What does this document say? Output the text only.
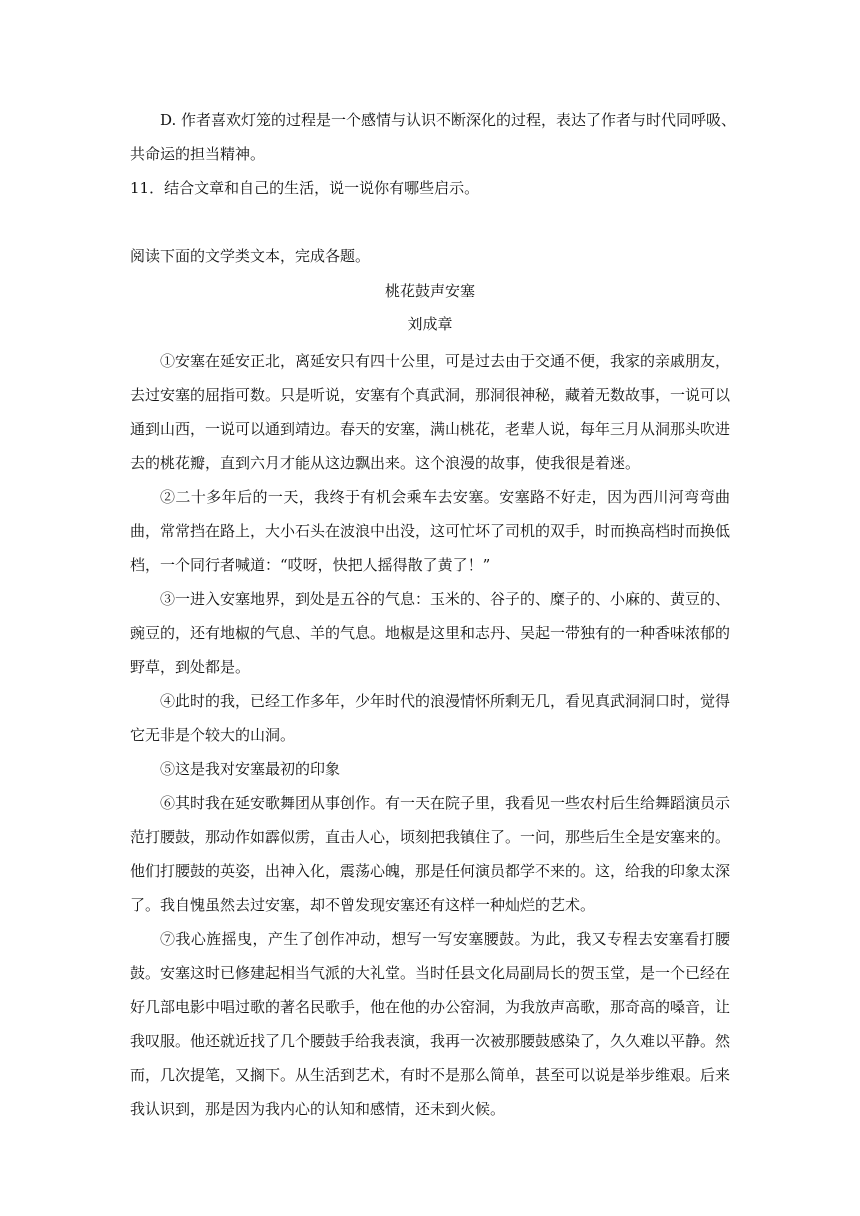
D. 作者喜欢灯笼的过程是一个感情与认识不断深化的过程，表达了作者与时代同呼吸、
共命运的担当精神。
11．结合文章和自己的生活，说一说你有哪些启示。
阅读下面的文学类文本，完成各题。
桃花鼓声安塞
刘成章
①安塞在延安正北，离延安只有四十公里，可是过去由于交通不便，我家的亲戚朋友，去过安塞的屈指可数。只是听说，安塞有个真武洞，那洞很神秘，藏着无数故事，一说可以通到山西，一说可以通到靖边。春天的安塞，满山桃花，老辈人说，每年三月从洞那头吹进去的桃花瓣，直到六月才能从这边飘出来。这个浪漫的故事，使我很是着迷。
②二十多年后的一天，我终于有机会乘车去安塞。安塞路不好走，因为西川河弯弯曲曲，常常挡在路上，大小石头在波浪中出没，这可忙坏了司机的双手，时而换高档时而换低档，一个同行者喊道：“哎呀，快把人摇得散了黄了！”
③一进入安塞地界，到处是五谷的气息：玉米的、谷子的、糜子的、小麻的、黄豆的、豌豆的，还有地椒的气息、羊的气息。地椒是这里和志丹、吴起一带独有的一种香味浓郁的野草，到处都是。
④此时的我，已经工作多年，少年时代的浪漫情怀所剩无几，看见真武洞洞口时，觉得它无非是个较大的山洞。
⑤这是我对安塞最初的印象
⑥其时我在延安歌舞团从事创作。有一天在院子里，我看见一些农村后生给舞蹈演员示范打腰鼓，那动作如霹似雳，直击人心，顷刻把我镇住了。一问，那些后生全是安塞来的。他们打腰鼓的英姿，出神入化，震荡心魄，那是任何演员都学不来的。这，给我的印象太深了。我自愧虽然去过安塞，却不曾发现安塞还有这样一种灿烂的艺术。
⑦我心旌摇曳，产生了创作冲动，想写一写安塞腰鼓。为此，我又专程去安塞看打腰鼓。安塞这时已修建起相当气派的大礼堂。当时任县文化局副局长的贺玉堂，是一个已经在好几部电影中唱过歌的著名民歌手，他在他的办公窑洞，为我放声高歌，那奇高的嗓音，让我叹服。他还就近找了几个腰鼓手给我表演，我再一次被那腰鼓感染了，久久难以平静。然而，几次提笔，又搁下。从生活到艺术，有时不是那么简单，甚至可以说是举步维艰。后来我认识到，那是因为我内心的认知和感情，还未到火候。
